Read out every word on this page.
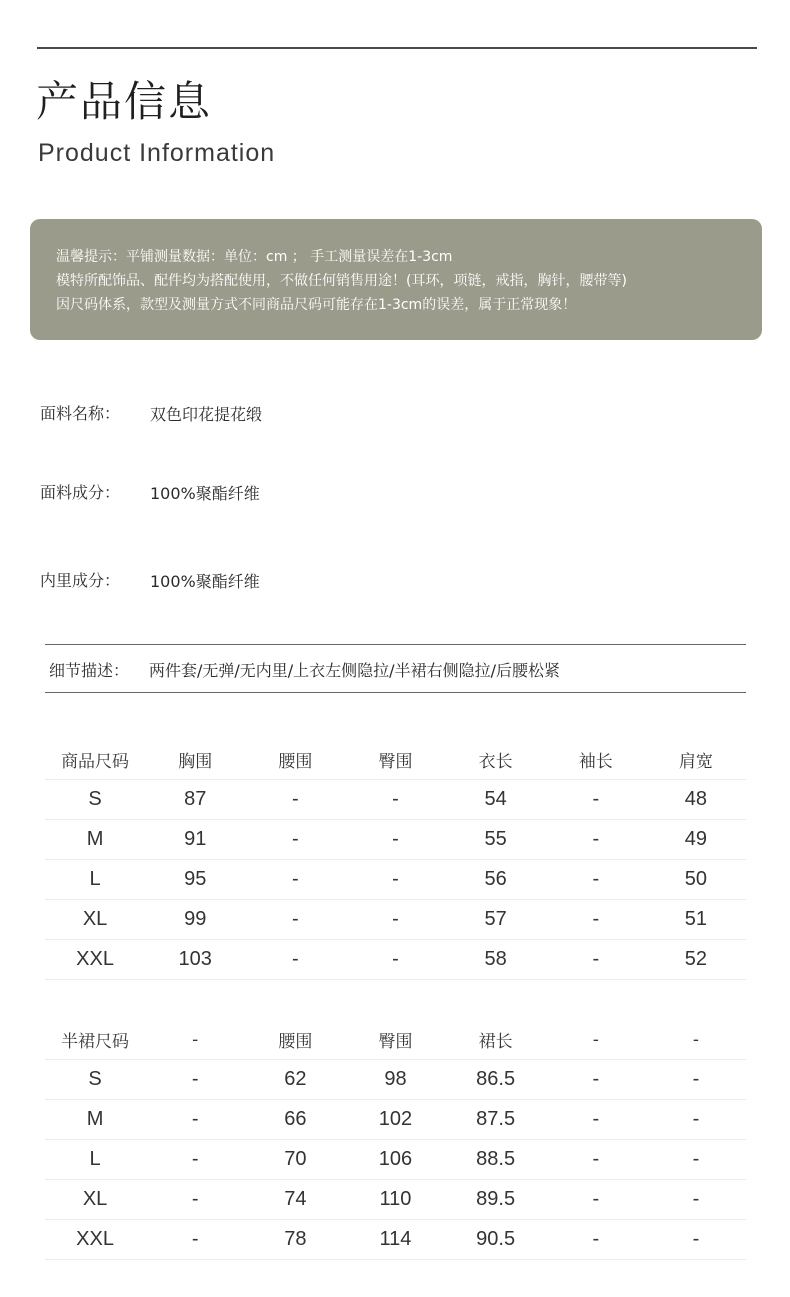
产品信息
Product Information
温馨提示：平铺测量数据：单位：cm ； 手工测量误差在1-3cm
模特所配饰品、配件均为搭配使用，不做任何销售用途！(耳环，项链，戒指，胸针，腰带等)
因尺码体系，款型及测量方式不同商品尺码可能存在1-3cm的误差，属于正常现象！
面料名称： 双色印花提花缎
面料成分： 100%聚酯纤维
内里成分： 100%聚酯纤维
细节描述： 两件套/无弹/无内里/上衣左侧隐拉/半裙右侧隐拉/后腰松紧
商品尺码	胸围	腰围	臀围	衣长	袖长	肩宽
S	87	-	-	54	-	48
M	91	-	-	55	-	49
L	95	-	-	56	-	50
XL	99	-	-	57	-	51
XXL	103	-	-	58	-	52
半裙尺码	-	腰围	臀围	裙长	-	-
S	-	62	98	86.5	-	-
M	-	66	102	87.5	-	-
L	-	70	106	88.5	-	-
XL	-	74	110	89.5	-	-
XXL	-	78	114	90.5	-	-
